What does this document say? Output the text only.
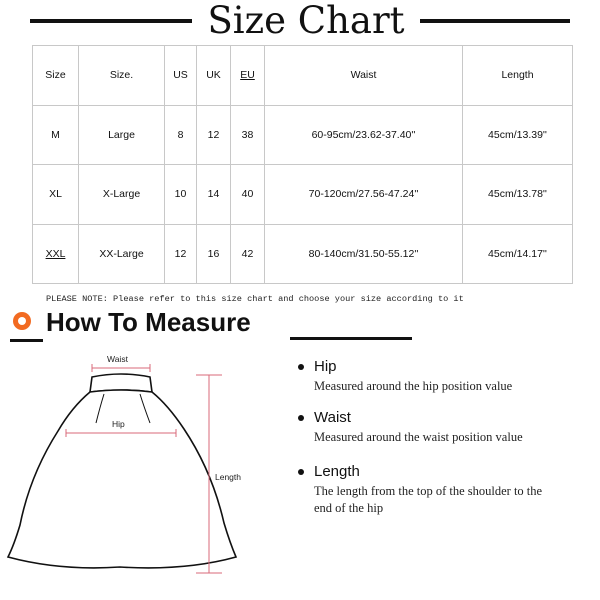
Size Chart
Size	Size.	US	UK	EU	Waist	Length
M	Large	8	12	38	60-95cm/23.62-37.40''	45cm/13.39''
XL	X-Large	10	14	40	70-120cm/27.56-47.24''	45cm/13.78''
XXL	XX-Large	12	16	42	80-140cm/31.50-55.12''	45cm/14.17''
PLEASE NOTE: Please refer to this size chart and choose your size according to it
How To Measure
Waist
Hip
Length
Hip
Measured around the hip position value
Waist
Measured around the waist position value
Length
The length from the top of the shoulder to the end of the hip
